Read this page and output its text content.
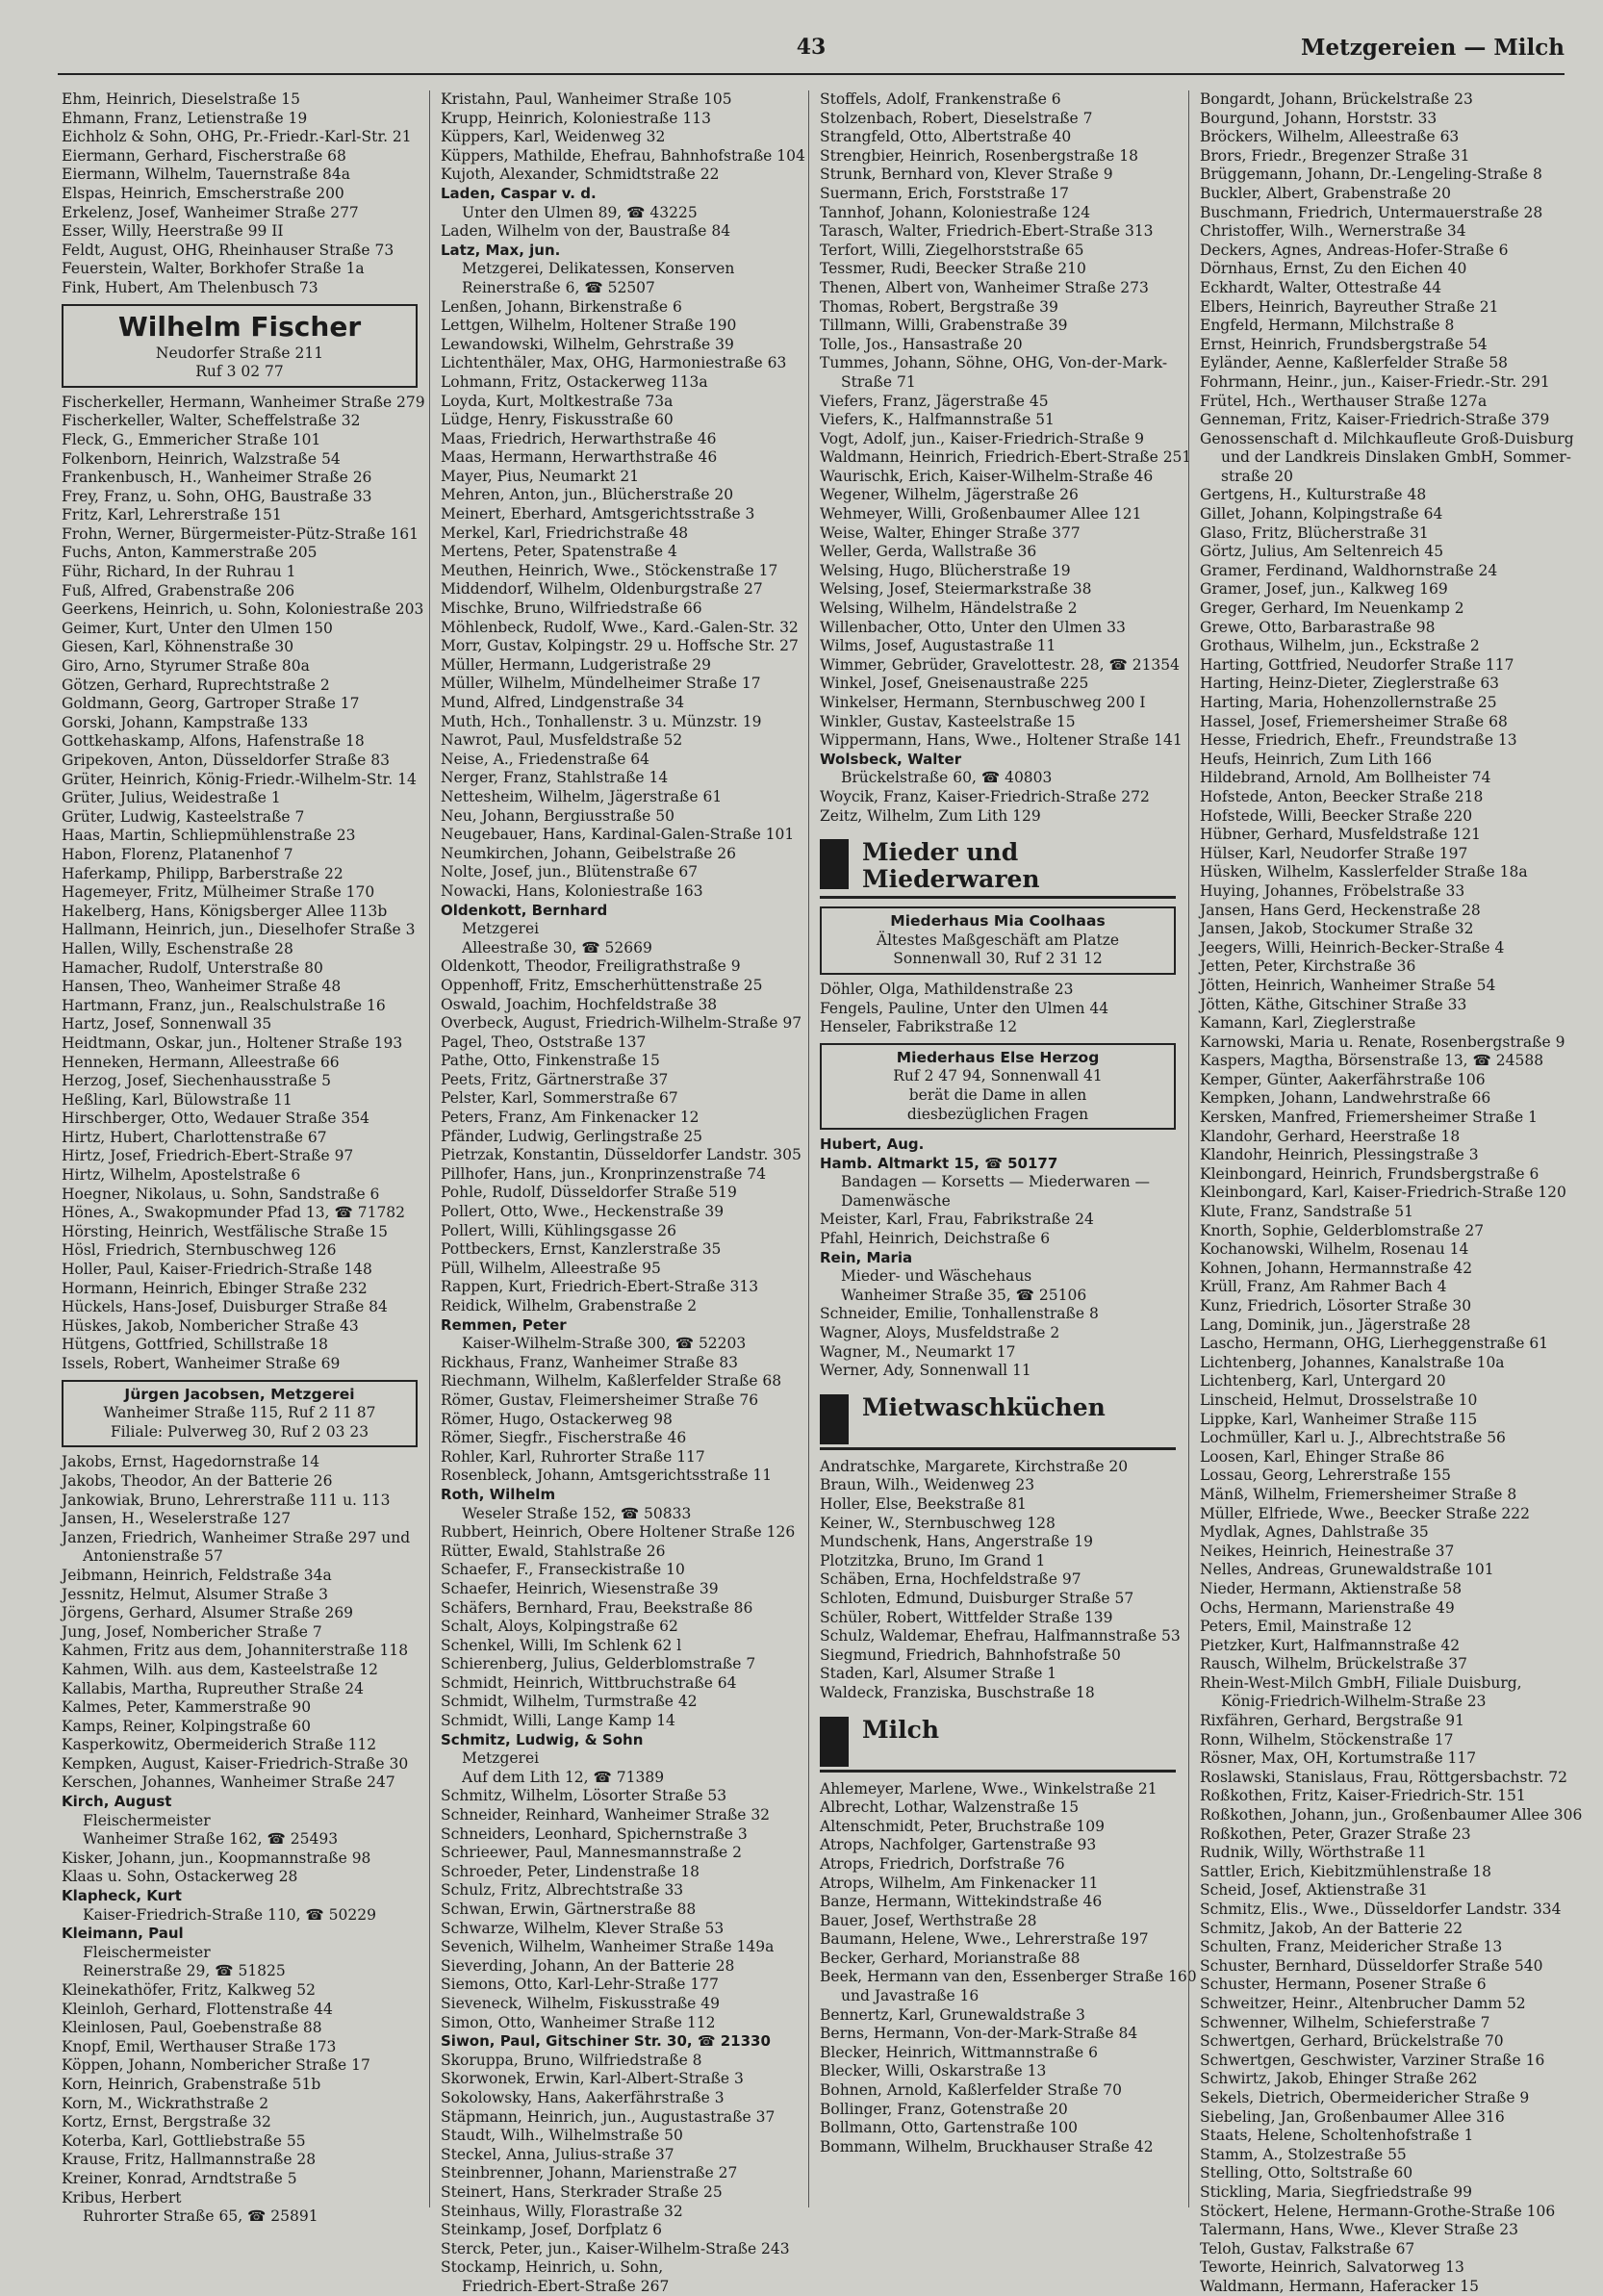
43	Metzgereien — Milch
Ehm, Heinrich, Dieselstraße 15
Ehmann, Franz, Letienstraße 19
Eichholz & Sohn, OHG, Pr.-Friedr.-Karl-Str. 21
Eiermann, Gerhard, Fischerstraße 68
Eiermann, Wilhelm, Tauernstraße 84a
Elspas, Heinrich, Emscherstraße 200
Erkelenz, Josef, Wanheimer Straße 277
Esser, Willy, Heerstraße 99 II
Feldt, August, OHG, Rheinhauser Straße 73
Feuerstein, Walter, Borkhofer Straße 1a
Fink, Hubert, Am Thelenbusch 73
Wilhelm Fischer
Neudorfer Straße 211
Ruf 3 02 77
Fischerkeller, Hermann, Wanheimer Straße 279
Fischerkeller, Walter, Scheffelstraße 32
Fleck, G., Emmericher Straße 101
Folkenborn, Heinrich, Walzstraße 54
Frankenbusch, H., Wanheimer Straße 26
Frey, Franz, u. Sohn, OHG, Baustraße 33
Fritz, Karl, Lehrerstraße 151
Frohn, Werner, Bürgermeister-Pütz-Straße 161
Fuchs, Anton, Kammerstraße 205
Führ, Richard, In der Ruhrau 1
Fuß, Alfred, Grabenstraße 206
Geerkens, Heinrich, u. Sohn, Koloniestraße 203
Geimer, Kurt, Unter den Ulmen 150
Giesen, Karl, Köhnenstraße 30
Giro, Arno, Styrumer Straße 80a
Götzen, Gerhard, Ruprechtstraße 2
Goldmann, Georg, Gartroper Straße 17
Gorski, Johann, Kampstraße 133
Gottkehaskamp, Alfons, Hafenstraße 18
Gripekoven, Anton, Düsseldorfer Straße 83
Grüter, Heinrich, König-Friedr.-Wilhelm-Str. 14
Grüter, Julius, Weidestraße 1
Grüter, Ludwig, Kasteelstraße 7
Haas, Martin, Schliepmühlenstraße 23
Habon, Florenz, Platanenhof 7
Haferkamp, Philipp, Barberstraße 22
Hagemeyer, Fritz, Mülheimer Straße 170
Hakelberg, Hans, Königsberger Allee 113b
Hallmann, Heinrich, jun., Dieselhofer Straße 3
Hallen, Willy, Eschenstraße 28
Hamacher, Rudolf, Unterstraße 80
Hansen, Theo, Wanheimer Straße 48
Hartmann, Franz, jun., Realschulstraße 16
Hartz, Josef, Sonnenwall 35
Heidtmann, Oskar, jun., Holtener Straße 193
Henneken, Hermann, Alleestraße 66
Herzog, Josef, Siechenhausstraße 5
Heßling, Karl, Bülowstraße 11
Hirschberger, Otto, Wedauer Straße 354
Hirtz, Hubert, Charlottenstraße 67
Hirtz, Josef, Friedrich-Ebert-Straße 97
Hirtz, Wilhelm, Apostelstraße 6
Hoegner, Nikolaus, u. Sohn, Sandstraße 6
Hönes, A., Swakopmunder Pfad 13, ☎ 71782
Hörsting, Heinrich, Westfälische Straße 15
Hösl, Friedrich, Sternbuschweg 126
Holler, Paul, Kaiser-Friedrich-Straße 148
Hormann, Heinrich, Ebinger Straße 232
Hückels, Hans-Josef, Duisburger Straße 84
Hüskes, Jakob, Nombericher Straße 43
Hütgens, Gottfried, Schillstraße 18
Issels, Robert, Wanheimer Straße 69
Jürgen Jacobsen, Metzgerei
Wanheimer Straße 115, Ruf 2 11 87
Filiale: Pulverweg 30, Ruf 2 03 23
Jakobs, Ernst, Hagedornstraße 14
Jakobs, Theodor, An der Batterie 26
Jankowiak, Bruno, Lehrerstraße 111 u. 113
Jansen, H., Weselerstraße 127
Janzen, Friedrich, Wanheimer Straße 297 und
Antonienstraße 57
Jeibmann, Heinrich, Feldstraße 34a
Jessnitz, Helmut, Alsumer Straße 3
Jörgens, Gerhard, Alsumer Straße 269
Jung, Josef, Nombericher Straße 7
Kahmen, Fritz aus dem, Johanniterstraße 118
Kahmen, Wilh. aus dem, Kasteelstraße 12
Kallabis, Martha, Rupreuther Straße 24
Kalmes, Peter, Kammerstraße 90
Kamps, Reiner, Kolpingstraße 60
Kasperkowitz, Obermeiderich Straße 112
Kempken, August, Kaiser-Friedrich-Straße 30
Kerschen, Johannes, Wanheimer Straße 247
Kirch, August
Fleischermeister
Wanheimer Straße 162, ☎ 25493
Kisker, Johann, jun., Koopmannstraße 98
Klaas u. Sohn, Ostackerweg 28
Klapheck, Kurt
Kaiser-Friedrich-Straße 110, ☎ 50229
Kleimann, Paul
Fleischermeister
Reinerstraße 29, ☎ 51825
Kleinekathöfer, Fritz, Kalkweg 52
Kleinloh, Gerhard, Flottenstraße 44
Kleinlosen, Paul, Goebenstraße 88
Knopf, Emil, Werthauser Straße 173
Köppen, Johann, Nombericher Straße 17
Korn, Heinrich, Grabenstraße 51b
Korn, M., Wickrathstraße 2
Kortz, Ernst, Bergstraße 32
Koterba, Karl, Gottliebstraße 55
Krause, Fritz, Hallmannstraße 28
Kreiner, Konrad, Arndtstraße 5
Kribus, Herbert
Ruhrorter Straße 65, ☎ 25891
Kristahn, Paul, Wanheimer Straße 105
Krupp, Heinrich, Koloniestraße 113
Küppers, Karl, Weidenweg 32
Küppers, Mathilde, Ehefrau, Bahnhofstraße 104
Kujoth, Alexander, Schmidtstraße 22
Laden, Caspar v. d.
Unter den Ulmen 89, ☎ 43225
Laden, Wilhelm von der, Baustraße 84
Latz, Max, jun.
Metzgerei, Delikatessen, Konserven
Reinerstraße 6, ☎ 52507
Lenßen, Johann, Birkenstraße 6
Lettgen, Wilhelm, Holtener Straße 190
Lewandowski, Wilhelm, Gehrstraße 39
Lichtenthäler, Max, OHG, Harmoniestraße 63
Lohmann, Fritz, Ostackerweg 113a
Loyda, Kurt, Moltkestraße 73a
Lüdge, Henry, Fiskusstraße 60
Maas, Friedrich, Herwarthstraße 46
Maas, Hermann, Herwarthstraße 46
Mayer, Pius, Neumarkt 21
Mehren, Anton, jun., Blücherstraße 20
Meinert, Eberhard, Amtsgerichtsstraße 3
Merkel, Karl, Friedrichstraße 48
Mertens, Peter, Spatenstraße 4
Meuthen, Heinrich, Wwe., Stöckenstraße 17
Middendorf, Wilhelm, Oldenburgstraße 27
Mischke, Bruno, Wilfriedstraße 66
Möhlenbeck, Rudolf, Wwe., Kard.-Galen-Str. 32
Morr, Gustav, Kolpingstr. 29 u. Hoffsche Str. 27
Müller, Hermann, Ludgeristraße 29
Müller, Wilhelm, Mündelheimer Straße 17
Mund, Alfred, Lindgenstraße 34
Muth, Hch., Tonhallenstr. 3 u. Münzstr. 19
Nawrot, Paul, Musfeldstraße 52
Neise, A., Friedenstraße 64
Nerger, Franz, Stahlstraße 14
Nettesheim, Wilhelm, Jägerstraße 61
Neu, Johann, Bergiusstraße 50
Neugebauer, Hans, Kardinal-Galen-Straße 101
Neumkirchen, Johann, Geibelstraße 26
Nolte, Josef, jun., Blütenstraße 67
Nowacki, Hans, Koloniestraße 163
Oldenkott, Bernhard
Metzgerei
Alleestraße 30, ☎ 52669
Oldenkott, Theodor, Freiligrathstraße 9
Oppenhoff, Fritz, Emscherhüttenstraße 25
Oswald, Joachim, Hochfeldstraße 38
Overbeck, August, Friedrich-Wilhelm-Straße 97
Pagel, Theo, Oststraße 137
Pathe, Otto, Finkenstraße 15
Peets, Fritz, Gärtnerstraße 37
Pelster, Karl, Sommerstraße 67
Peters, Franz, Am Finkenacker 12
Pfänder, Ludwig, Gerlingstraße 25
Pietrzak, Konstantin, Düsseldorfer Landstr. 305
Pillhofer, Hans, jun., Kronprinzenstraße 74
Pohle, Rudolf, Düsseldorfer Straße 519
Pollert, Otto, Wwe., Heckenstraße 39
Pollert, Willi, Kühlingsgasse 26
Pottbeckers, Ernst, Kanzlerstraße 35
Püll, Wilhelm, Alleestraße 95
Rappen, Kurt, Friedrich-Ebert-Straße 313
Reidick, Wilhelm, Grabenstraße 2
Remmen, Peter
Kaiser-Wilhelm-Straße 300, ☎ 52203
Rickhaus, Franz, Wanheimer Straße 83
Riechmann, Wilhelm, Kaßlerfelder Straße 68
Römer, Gustav, Fleimersheimer Straße 76
Römer, Hugo, Ostackerweg 98
Römer, Siegfr., Fischerstraße 46
Rohler, Karl, Ruhrorter Straße 117
Rosenbleck, Johann, Amtsgerichtsstraße 11
Roth, Wilhelm
Weseler Straße 152, ☎ 50833
Rubbert, Heinrich, Obere Holtener Straße 126
Rütter, Ewald, Stahlstraße 26
Schaefer, F., Franseckistraße 10
Schaefer, Heinrich, Wiesenstraße 39
Schäfers, Bernhard, Frau, Beekstraße 86
Schalt, Aloys, Kolpingstraße 62
Schenkel, Willi, Im Schlenk 62 l
Schierenberg, Julius, Gelderblomstraße 7
Schmidt, Heinrich, Wittbruchstraße 64
Schmidt, Wilhelm, Turmstraße 42
Schmidt, Willi, Lange Kamp 14
Schmitz, Ludwig, & Sohn
Metzgerei
Auf dem Lith 12, ☎ 71389
Schmitz, Wilhelm, Lösorter Straße 53
Schneider, Reinhard, Wanheimer Straße 32
Schneiders, Leonhard, Spichernstraße 3
Schrieewer, Paul, Mannesmannstraße 2
Schroeder, Peter, Lindenstraße 18
Schulz, Fritz, Albrechtstraße 33
Schwan, Erwin, Gärtnerstraße 88
Schwarze, Wilhelm, Klever Straße 53
Sevenich, Wilhelm, Wanheimer Straße 149a
Sieverding, Johann, An der Batterie 28
Siemons, Otto, Karl-Lehr-Straße 177
Sieveneck, Wilhelm, Fiskusstraße 49
Simon, Otto, Wanheimer Straße 112
Siwon, Paul, Gitschiner Str. 30, ☎ 21330
Skoruppa, Bruno, Wilfriedstraße 8
Skorwonek, Erwin, Karl-Albert-Straße 3
Sokolowsky, Hans, Aakerfährstraße 3
Stäpmann, Heinrich, jun., Augustastraße 37
Staudt, Wilh., Wilhelmstraße 50
Steckel, Anna, Julius-straße 37
Steinbrenner, Johann, Marienstraße 27
Steinert, Hans, Sterkrader Straße 25
Steinhaus, Willy, Florastraße 32
Steinkamp, Josef, Dorfplatz 6
Sterck, Peter, jun., Kaiser-Wilhelm-Straße 243
Stockamp, Heinrich, u. Sohn,
Friedrich-Ebert-Straße 267
Stoffels, Adolf, Frankenstraße 6
Stolzenbach, Robert, Dieselstraße 7
Strangfeld, Otto, Albertstraße 40
Strengbier, Heinrich, Rosenbergstraße 18
Strunk, Bernhard von, Klever Straße 9
Suermann, Erich, Forststraße 17
Tannhof, Johann, Koloniestraße 124
Tarasch, Walter, Friedrich-Ebert-Straße 313
Terfort, Willi, Ziegelhorststraße 65
Tessmer, Rudi, Beecker Straße 210
Thenen, Albert von, Wanheimer Straße 273
Thomas, Robert, Bergstraße 39
Tillmann, Willi, Grabenstraße 39
Tolle, Jos., Hansastraße 20
Tummes, Johann, Söhne, OHG, Von-der-Mark-
Straße 71
Viefers, Franz, Jägerstraße 45
Viefers, K., Halfmannstraße 51
Vogt, Adolf, jun., Kaiser-Friedrich-Straße 9
Waldmann, Heinrich, Friedrich-Ebert-Straße 251
Waurischk, Erich, Kaiser-Wilhelm-Straße 46
Wegener, Wilhelm, Jägerstraße 26
Wehmeyer, Willi, Großenbaumer Allee 121
Weise, Walter, Ehinger Straße 377
Weller, Gerda, Wallstraße 36
Welsing, Hugo, Blücherstraße 19
Welsing, Josef, Steiermarkstraße 38
Welsing, Wilhelm, Händelstraße 2
Willenbacher, Otto, Unter den Ulmen 33
Wilms, Josef, Augustastraße 11
Wimmer, Gebrüder, Gravelottestr. 28, ☎ 21354
Winkel, Josef, Gneisenaustraße 225
Winkelser, Hermann, Sternbuschweg 200 I
Winkler, Gustav, Kasteelstraße 15
Wippermann, Hans, Wwe., Holtener Straße 141
Wolsbeck, Walter
Brückelstraße 60, ☎ 40803
Woycik, Franz, Kaiser-Friedrich-Straße 272
Zeitz, Wilhelm, Zum Lith 129
Mieder und
Miederwaren
Miederhaus Mia Coolhaas
Ältestes Maßgeschäft am Platze
Sonnenwall 30, Ruf 2 31 12
Döhler, Olga, Mathildenstraße 23
Fengels, Pauline, Unter den Ulmen 44
Henseler, Fabrikstraße 12
Miederhaus Else Herzog
Ruf 2 47 94, Sonnenwall 41
berät die Dame in allen
diesbezüglichen Fragen
Hubert, Aug.
Hamb. Altmarkt 15, ☎ 50177
Bandagen — Korsetts — Miederwaren —
Damenwäsche
Meister, Karl, Frau, Fabrikstraße 24
Pfahl, Heinrich, Deichstraße 6
Rein, Maria
Mieder- und Wäschehaus
Wanheimer Straße 35, ☎ 25106
Schneider, Emilie, Tonhallenstraße 8
Wagner, Aloys, Musfeldstraße 2
Wagner, M., Neumarkt 17
Werner, Ady, Sonnenwall 11
Mietwaschküchen
Andratschke, Margarete, Kirchstraße 20
Braun, Wilh., Weidenweg 23
Holler, Else, Beekstraße 81
Keiner, W., Sternbuschweg 128
Mundschenk, Hans, Angerstraße 19
Plotzitzka, Bruno, Im Grand 1
Schäben, Erna, Hochfeldstraße 97
Schloten, Edmund, Duisburger Straße 57
Schüler, Robert, Wittfelder Straße 139
Schulz, Waldemar, Ehefrau, Halfmannstraße 53
Siegmund, Friedrich, Bahnhofstraße 50
Staden, Karl, Alsumer Straße 1
Waldeck, Franziska, Buschstraße 18
Milch
Ahlemeyer, Marlene, Wwe., Winkelstraße 21
Albrecht, Lothar, Walzenstraße 15
Altenschmidt, Peter, Bruchstraße 109
Atrops, Nachfolger, Gartenstraße 93
Atrops, Friedrich, Dorfstraße 76
Atrops, Wilhelm, Am Finkenacker 11
Banze, Hermann, Wittekindstraße 46
Bauer, Josef, Werthstraße 28
Baumann, Helene, Wwe., Lehrerstraße 197
Becker, Gerhard, Morianstraße 88
Beek, Hermann van den, Essenberger Straße 160
und Javastraße 16
Bennertz, Karl, Grunewaldstraße 3
Berns, Hermann, Von-der-Mark-Straße 84
Blecker, Heinrich, Wittmannstraße 6
Blecker, Willi, Oskarstraße 13
Bohnen, Arnold, Kaßlerfelder Straße 70
Bollinger, Franz, Gotenstraße 20
Bollmann, Otto, Gartenstraße 100
Bommann, Wilhelm, Bruckhauser Straße 42
Bongardt, Johann, Brückelstraße 23
Bourgund, Johann, Horststr. 33
Bröckers, Wilhelm, Alleestraße 63
Brors, Friedr., Bregenzer Straße 31
Brüggemann, Johann, Dr.-Lengeling-Straße 8
Buckler, Albert, Grabenstraße 20
Buschmann, Friedrich, Untermauerstraße 28
Christoffer, Wilh., Wernerstraße 34
Deckers, Agnes, Andreas-Hofer-Straße 6
Dörnhaus, Ernst, Zu den Eichen 40
Eckhardt, Walter, Ottestraße 44
Elbers, Heinrich, Bayreuther Straße 21
Engfeld, Hermann, Milchstraße 8
Ernst, Heinrich, Frundsbergstraße 54
Eyländer, Aenne, Kaßlerfelder Straße 58
Fohrmann, Heinr., jun., Kaiser-Friedr.-Str. 291
Frütel, Hch., Werthauser Straße 127a
Genneman, Fritz, Kaiser-Friedrich-Straße 379
Genossenschaft d. Milchkaufleute Groß-Duisburg
und der Landkreis Dinslaken GmbH, Sommer-
straße 20
Gertgens, H., Kulturstraße 48
Gillet, Johann, Kolpingstraße 64
Glaso, Fritz, Blücherstraße 31
Görtz, Julius, Am Seltenreich 45
Gramer, Ferdinand, Waldhornstraße 24
Gramer, Josef, jun., Kalkweg 169
Greger, Gerhard, Im Neuenkamp 2
Grewe, Otto, Barbarastraße 98
Grothaus, Wilhelm, jun., Eckstraße 2
Harting, Gottfried, Neudorfer Straße 117
Harting, Heinz-Dieter, Zieglerstraße 63
Harting, Maria, Hohenzollernstraße 25
Hassel, Josef, Friemersheimer Straße 68
Hesse, Friedrich, Ehefr., Freundstraße 13
Heufs, Heinrich, Zum Lith 166
Hildebrand, Arnold, Am Bollheister 74
Hofstede, Anton, Beecker Straße 218
Hofstede, Willi, Beecker Straße 220
Hübner, Gerhard, Musfeldstraße 121
Hülser, Karl, Neudorfer Straße 197
Hüsken, Wilhelm, Kasslerfelder Straße 18a
Huying, Johannes, Fröbelstraße 33
Jansen, Hans Gerd, Heckenstraße 28
Jansen, Jakob, Stockumer Straße 32
Jeegers, Willi, Heinrich-Becker-Straße 4
Jetten, Peter, Kirchstraße 36
Jötten, Heinrich, Wanheimer Straße 54
Jötten, Käthe, Gitschiner Straße 33
Kamann, Karl, Zieglerstraße
Karnowski, Maria u. Renate, Rosenbergstraße 9
Kaspers, Magtha, Börsenstraße 13, ☎ 24588
Kemper, Günter, Aakerfährstraße 106
Kempken, Johann, Landwehrstraße 66
Kersken, Manfred, Friemersheimer Straße 1
Klandohr, Gerhard, Heerstraße 18
Klandohr, Heinrich, Plessingstraße 3
Kleinbongard, Heinrich, Frundsbergstraße 6
Kleinbongard, Karl, Kaiser-Friedrich-Straße 120
Klute, Franz, Sandstraße 51
Knorth, Sophie, Gelderblomstraße 27
Kochanowski, Wilhelm, Rosenau 14
Kohnen, Johann, Hermannstraße 42
Krüll, Franz, Am Rahmer Bach 4
Kunz, Friedrich, Lösorter Straße 30
Lang, Dominik, jun., Jägerstraße 28
Lascho, Hermann, OHG, Lierheggenstraße 61
Lichtenberg, Johannes, Kanalstraße 10a
Lichtenberg, Karl, Untergard 20
Linscheid, Helmut, Drosselstraße 10
Lippke, Karl, Wanheimer Straße 115
Lochmüller, Karl u. J., Albrechtstraße 56
Loosen, Karl, Ehinger Straße 86
Lossau, Georg, Lehrerstraße 155
Mänß, Wilhelm, Friemersheimer Straße 8
Müller, Elfriede, Wwe., Beecker Straße 222
Mydlak, Agnes, Dahlstraße 35
Neikes, Heinrich, Heinestraße 37
Nelles, Andreas, Grunewaldstraße 101
Nieder, Hermann, Aktienstraße 58
Ochs, Hermann, Marienstraße 49
Peters, Emil, Mainstraße 12
Pietzker, Kurt, Halfmannstraße 42
Rausch, Wilhelm, Brückelstraße 37
Rhein-West-Milch GmbH, Filiale Duisburg,
König-Friedrich-Wilhelm-Straße 23
Rixfähren, Gerhard, Bergstraße 91
Ronn, Wilhelm, Stöckenstraße 17
Rösner, Max, OH, Kortumstraße 117
Roslawski, Stanislaus, Frau, Röttgersbachstr. 72
Roßkothen, Fritz, Kaiser-Friedrich-Str. 151
Roßkothen, Johann, jun., Großenbaumer Allee 306
Roßkothen, Peter, Grazer Straße 23
Rudnik, Willy, Wörthstraße 11
Sattler, Erich, Kiebitzmühlenstraße 18
Scheid, Josef, Aktienstraße 31
Schmitz, Elis., Wwe., Düsseldorfer Landstr. 334
Schmitz, Jakob, An der Batterie 22
Schulten, Franz, Meidericher Straße 13
Schuster, Bernhard, Düsseldorfer Straße 540
Schuster, Hermann, Posener Straße 6
Schweitzer, Heinr., Altenbrucher Damm 52
Schwenner, Wilhelm, Schieferstraße 7
Schwertgen, Gerhard, Brückelstraße 70
Schwertgen, Geschwister, Varziner Straße 16
Schwirtz, Jakob, Ehinger Straße 262
Sekels, Dietrich, Obermeidericher Straße 9
Siebeling, Jan, Großenbaumer Allee 316
Staats, Helene, Scholtenhofstraße 1
Stamm, A., Stolzestraße 55
Stelling, Otto, Soltstraße 60
Stickling, Maria, Siegfriedstraße 99
Stöckert, Helene, Hermann-Grothe-Straße 106
Talermann, Hans, Wwe., Klever Straße 23
Teloh, Gustav, Falkstraße 67
Teworte, Heinrich, Salvatorweg 13
Waldmann, Hermann, Haferacker 15
